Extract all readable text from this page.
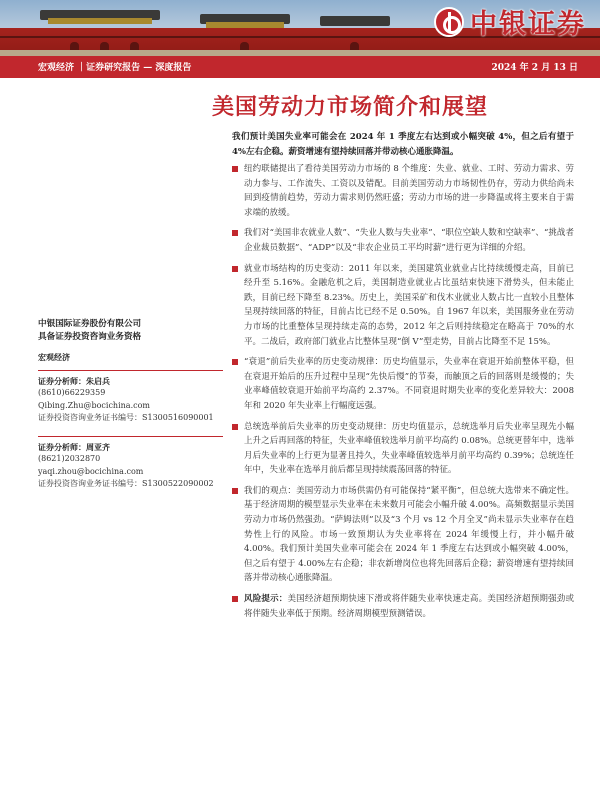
中银证券
宏观经济 ｜证券研究报告 — 深度报告	2024 年 2 月 13 日
美国劳动力市场简介和展望
我们预计美国失业率可能会在 2024 年 1 季度左右达到或小幅突破 4%，但之后有望于 4%左右企稳。薪资增速有望持续回落并带动核心通胀降温。
纽约联储提出了看待美国劳动力市场的 8 个维度：失业、就业、工时、劳动力需求、劳动力参与、工作流失、工资以及错配。目前美国劳动力市场韧性仍存，劳动力供给尚未回到疫情前趋势，劳动力需求则仍然旺盛；劳动力市场的进一步降温或将主要来自于需求端的放缓。
我们对“美国非农就业人数”、“失业人数与失业率”、“职位空缺人数和空缺率”、“挑战者企业裁员数据”、“ADP”以及“非农企业员工平均时薪”进行更为详细的介绍。
就业市场结构的历史变动：2011 年以来，美国建筑业就业占比持续缓慢走高，目前已经升至 5.16%。金融危机之后，美国制造业就业占比虽结束快速下滑势头，但未能止跌，目前已经下降至 8.23%。历史上，美国采矿和伐木业就业人数占比一直较小且整体呈现持续回落的特征，目前占比已经不足 0.50%。自 1967 年以来，美国服务业在劳动力市场的比重整体呈现持续走高的态势，2012 年之后则持续稳定在略高于 70%的水平。二战后，政府部门就业占比整体呈现“倒 V”型走势，目前占比降至不足 15%。
“衰退”前后失业率的历史变动规律：历史均值显示，失业率在衰退开始前整体平稳，但在衰退开始后的压升过程中呈现“先快后慢”的节奏，而触顶之后的回落则是缓慢的；失业率峰值较衰退开始前平均高约 2.37%。不同衰退时期失业率的变化差异较大：2008 年和 2020 年失业率上行幅度远强。
总统选举前后失业率的历史变动规律：历史均值显示，总统选举月后失业率呈现先小幅上升之后再回落的特征，失业率峰值较选举月前平均高约 0.08%。总统更替年中，选举月后失业率的上行更为显著且持久，失业率峰值较选举月前平均高约 0.39%；总统连任年中，失业率在选举月前后都呈现持续震荡回落的特征。
我们的观点：美国劳动力市场供需仍有可能保持“紧平衡”，但总统大选带来不确定性。基于经济周期的模型显示失业率在未来数月可能会小幅升破 4.00%。高频数据显示美国劳动力市场仍然强劲。“萨姆法则”以及“3 个月 vs 12 个月全叉”尚未显示失业率存在趋势性上行的风险。市场一致预期认为失业率将在 2024 年缓慢上行，并小幅升破 4.00%。我们预计美国失业率可能会在 2024 年 1 季度左右达到或小幅突破 4.00%，但之后有望于 4.00%左右企稳；非农新增岗位也将先回落后企稳；薪资增速有望持续回落并带动核心通胀降温。
风险提示：美国经济超预期快速下滑或将伴随失业率快速走高。美国经济超预期强劲或将伴随失业率低于预期。经济周期模型预测错误。
中银国际证券股份有限公司
具备证券投资咨询业务资格
宏观经济
证券分析师：朱启兵
(8610)66229359
Qibing.Zhu@bocichina.com
证券投资咨询业务证书编号：S1300516090001
证券分析师：周亚齐
(8621)2032870
yaqi.zhou@bocichina.com
证券投资咨询业务证书编号：S1300522090002
